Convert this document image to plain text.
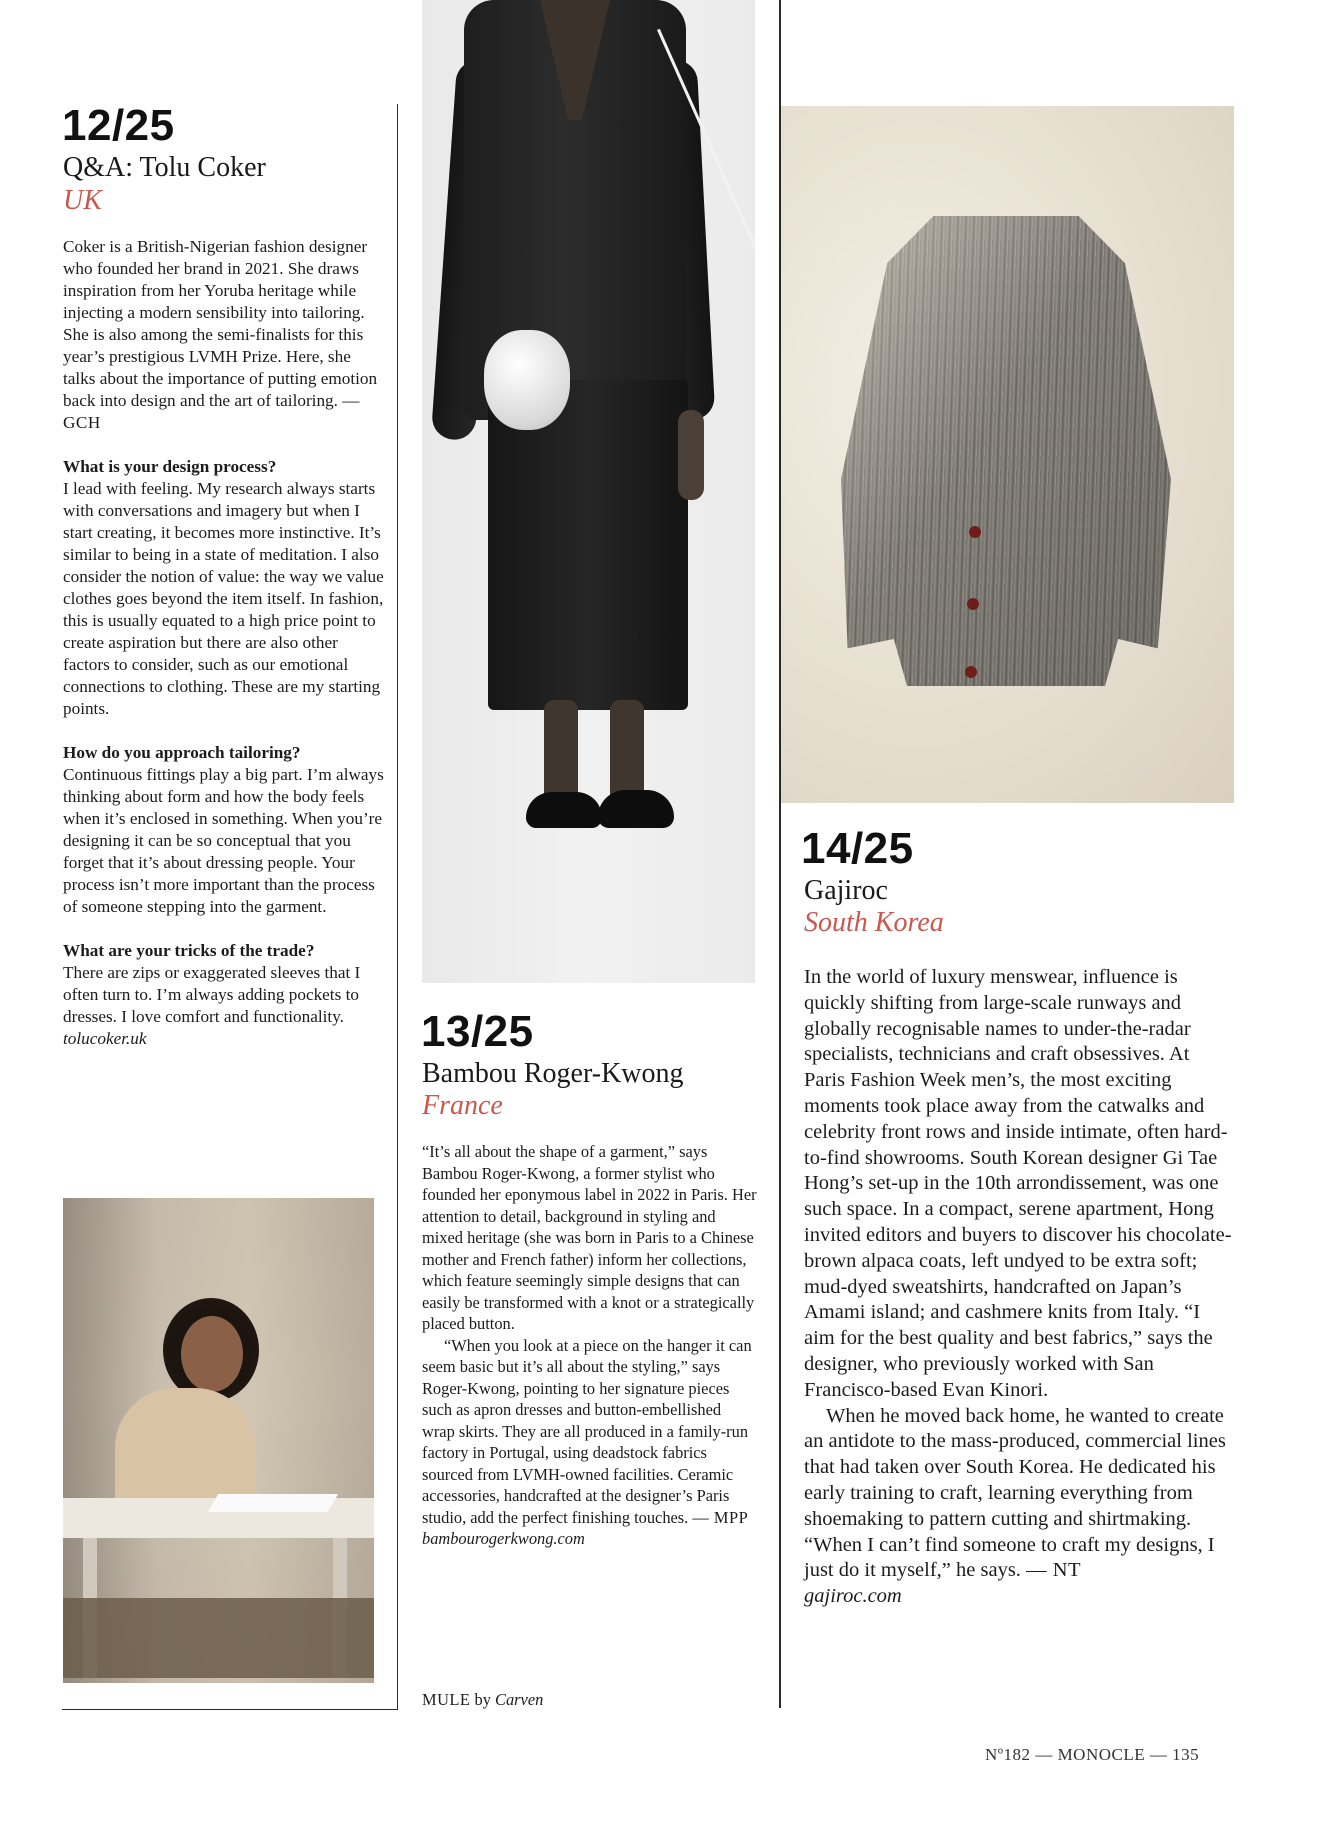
12/25
Q&A: Tolu Coker
UK

Coker is a British-Nigerian fashion designer who founded her brand in 2021. She draws inspiration from her Yoruba heritage while injecting a modern sensibility into tailoring. She is also among the semi-finalists for this year’s prestigious LVMH Prize. Here, she talks about the importance of putting emotion back into design and the art of tailoring. — GCH

What is your design process?

I lead with feeling. My research always starts with conversations and imagery but when I start creating, it becomes more instinctive. It’s similar to being in a state of meditation. I also consider the notion of value: the way we value clothes goes beyond the item itself. In fashion, this is usually equated to a high price point to create aspiration but there are also other factors to consider, such as our emotional connections to clothing. These are my starting points.

How do you approach tailoring?

Continuous fittings play a big part. I’m always thinking about form and how the body feels when it’s enclosed in something. When you’re designing it can be so conceptual that you forget that it’s about dressing people. Your process isn’t more important than the process of someone stepping into the garment.

What are your tricks of the trade?

There are zips or exaggerated sleeves that I often turn to. I’m always adding pockets to dresses. I love comfort and functionality.

tolucoker.uk	13/25
Bambou Roger-Kwong
France

“It’s all about the shape of a garment,” says Bambou Roger-Kwong, a former stylist who founded her eponymous label in 2022 in Paris. Her attention to detail, background in styling and mixed heritage (she was born in Paris to a Chinese mother and French father) inform her collections, which feature seemingly simple designs that can easily be transformed with a knot or a strategically placed button.

“When you look at a piece on the hanger it can seem basic but it’s all about the styling,” says Roger-Kwong, pointing to her signature pieces such as apron dresses and button-embellished wrap skirts. They are all produced in a family-run factory in Portugal, using deadstock fabrics sourced from LVMH-owned facilities. Ceramic accessories, handcrafted at the designer’s Paris studio, add the perfect finishing touches. — MPP

bambourogerkwong.com

MULE by Carven
14/25
Gajiroc
South Korea

In the world of luxury menswear, influence is quickly shifting from large-scale runways and globally recognisable names to under-the-radar specialists, technicians and craft obsessives. At Paris Fashion Week men’s, the most exciting moments took place away from the catwalks and celebrity front rows and inside intimate, often hard-to-find showrooms. South Korean designer Gi Tae Hong’s set-up in the 10th arrondissement, was one such space. In a compact, serene apartment, Hong invited editors and buyers to discover his chocolate-brown alpaca coats, left undyed to be extra soft; mud-dyed sweatshirts, handcrafted on Japan’s Amami island; and cashmere knits from Italy. “I aim for the best quality and best fabrics,” says the designer, who previously worked with San Francisco-based Evan Kinori.

When he moved back home, he wanted to create an antidote to the mass-produced, commercial lines that had taken over South Korea. He dedicated his early training to craft, learning everything from shoemaking to pattern cutting and shirtmaking. “When I can’t find someone to craft my designs, I just do it myself,” he says. — NT

gajiroc.com

Nº182 — MONOCLE — 135
